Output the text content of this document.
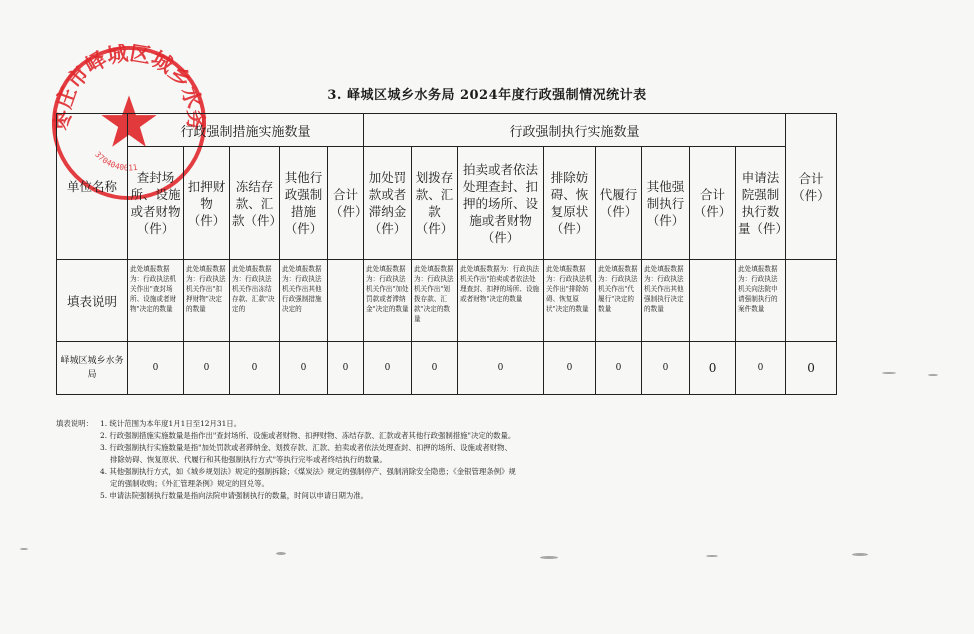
枣庄市峄城区城乡水务
3704040011
3. 峄城区城乡水务局 2024年度行政强制情况统计表
单位名称	行政强制措施实施数量					行政强制执行实施数量								合计（件）
	查封场所、设施或者财物（件）	扣押财物（件）	冻结存款、汇款（件）	其他行政强制措施（件）	合计（件）	加处罚款或者滞纳金（件）	划拨存款、汇款（件）	拍卖或者依法处理查封、扣押的场所、设施或者财物（件）	排除妨碍、恢复原状（件）	代履行（件）	其他强制执行（件）	合计（件）	申请法院强制执行数量（件）	
填表说明	此处填报数据为：行政执法机关作出"查封场所、设施或者财物"决定的数量	此处填报数据为：行政执法机关作出"扣押财物"决定的数量	此处填报数据为：行政执法机关作出冻结存款、汇款"决定的	此处填报数据为：行政执法机关作出其他行政强制措施决定的		此处填报数据为：行政执法机关作出"加处罚款或者滞纳金"决定的数量	此处填报数据为：行政执法机关作出"划拨存款、汇款"决定的数量	此处填报数据为：行政执法机关作出"拍卖或者依法处理查封、扣押的场所、设施或者财物"决定的数量	此处填报数据为：行政执法机关作出"排除妨碍、恢复原状"决定的数量	此处填报数据为：行政执法机关作出"代履行"决定的数量	此处填报数据为：行政执法机关作出其他强制执行决定的数量		此处填报数据为：行政执法机关向法院申请强制执行的案件数量	
峄城区城乡水务局	0	0	0	0	0	0	0	0	0	0	0	0	0	0
填表说明： 1. 统计范围为本年度1月1日至12月31日。
2. 行政强制措施实施数量是指作出"查封场所、设施或者财物、扣押财物、冻结存款、汇款或者其他行政强制措施"决定的数量。
3. 行政强制执行实施数量是指"加处罚款或者滞纳金、划拨存款、汇款、拍卖或者依法处理查封、扣押的场所、设施或者财物、
排除妨碍、恢复原状、代履行和其他强制执行方式"等执行完毕或者终结执行的数量。
4. 其他强制执行方式，如《城乡规划法》规定的强制拆除；《煤炭法》规定的强制停产、强制消除安全隐患；《金银管理条例》规
定的强制收购；《外汇管理条例》规定的回兑等。
5. 申请法院强制执行数量是指向法院申请强制执行的数量，时间以申请日期为准。
